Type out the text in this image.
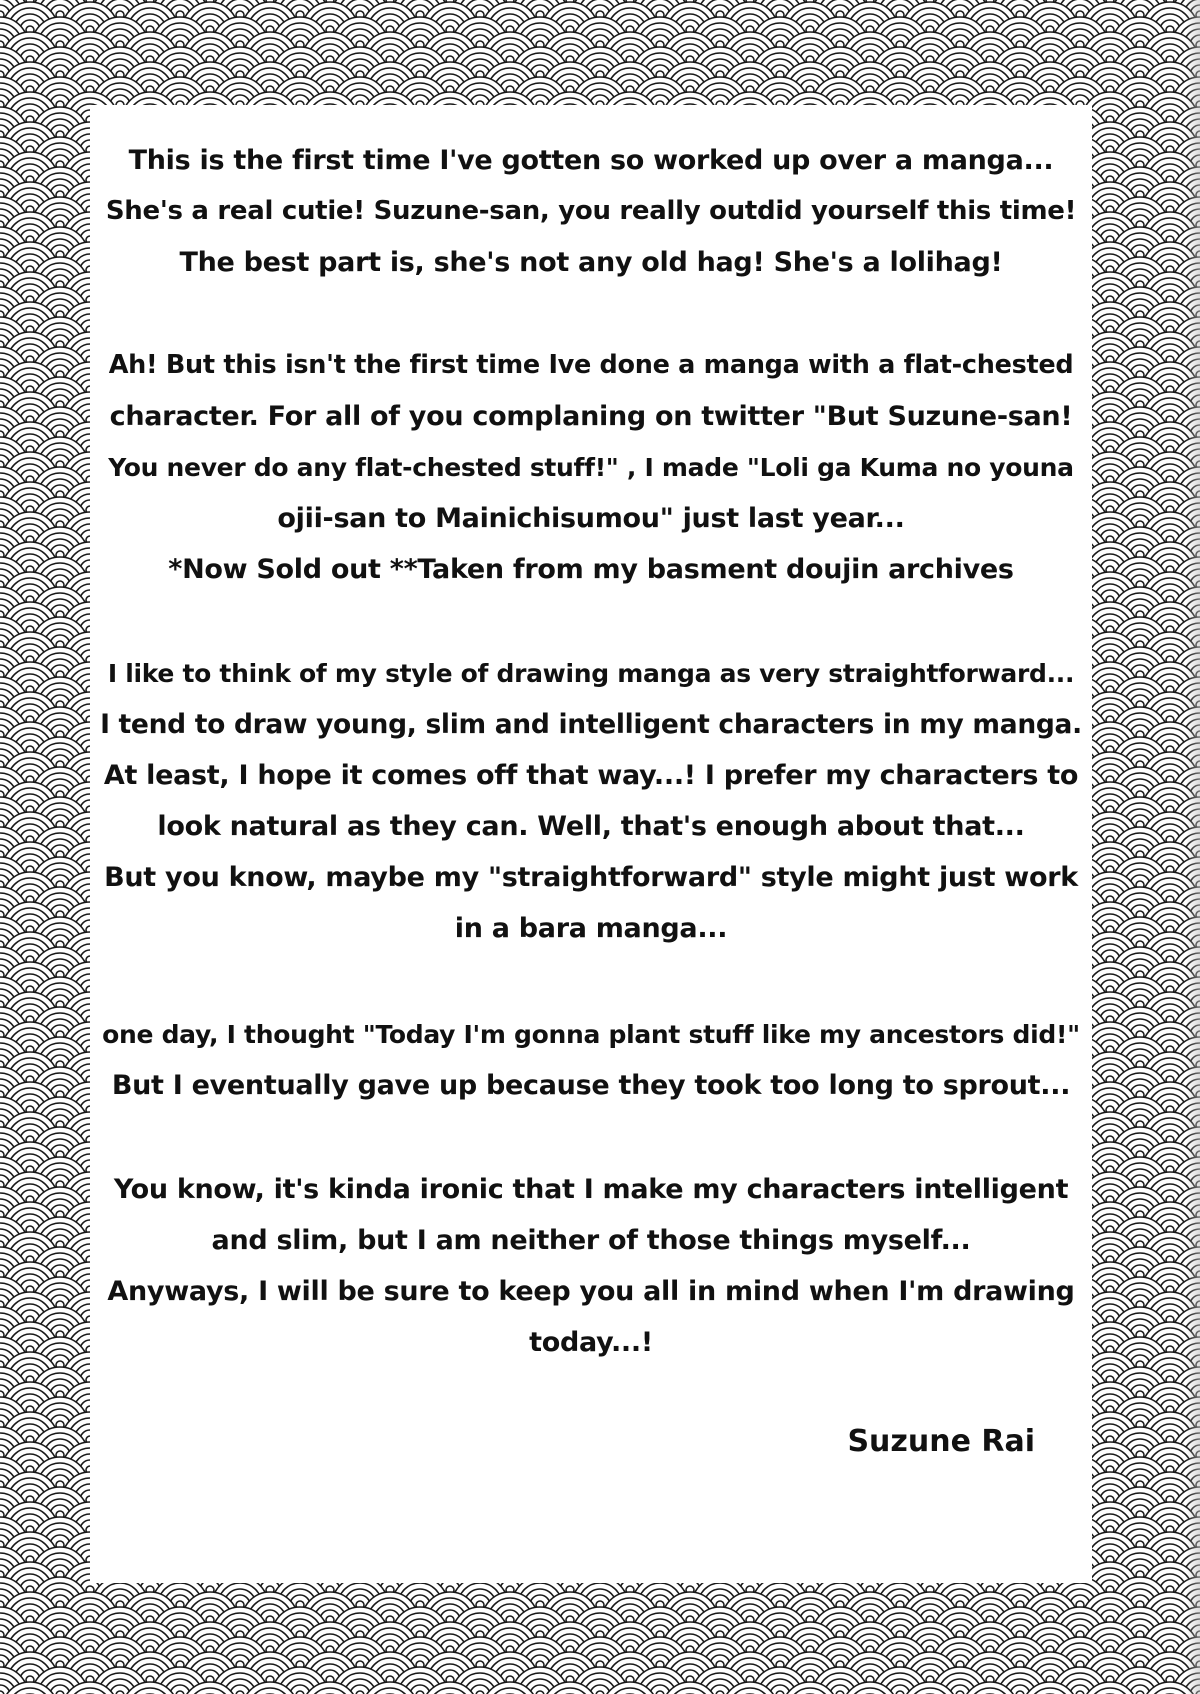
This is the first time I've gotten so worked up over a manga...
She's a real cutie! Suzune-san, you really outdid yourself this time!
The best part is, she's not any old hag! She's a lolihag!
Ah! But this isn't the first time Ive done a manga with a flat-chested
character. For all of you complaning on twitter "But Suzune-san!
You never do any flat-chested stuff!" , I made "Loli ga Kuma no youna
ojii-san to Mainichisumou" just last year...
*Now Sold out **Taken from my basment doujin archives
I like to think of my style of drawing manga as very straightforward...
I tend to draw young, slim and intelligent characters in my manga.
At least, I hope it comes off that way...! I prefer my characters to
look natural as they can. Well, that's enough about that...
But you know, maybe my "straightforward" style might just work
in a bara manga...
one day, I thought "Today I'm gonna plant stuff like my ancestors did!"
But I eventually gave up because they took too long to sprout...
You know, it's kinda ironic that I make my characters intelligent
and slim, but I am neither of those things myself...
Anyways, I will be sure to keep you all in mind when I'm drawing
today...!
Suzune Rai
